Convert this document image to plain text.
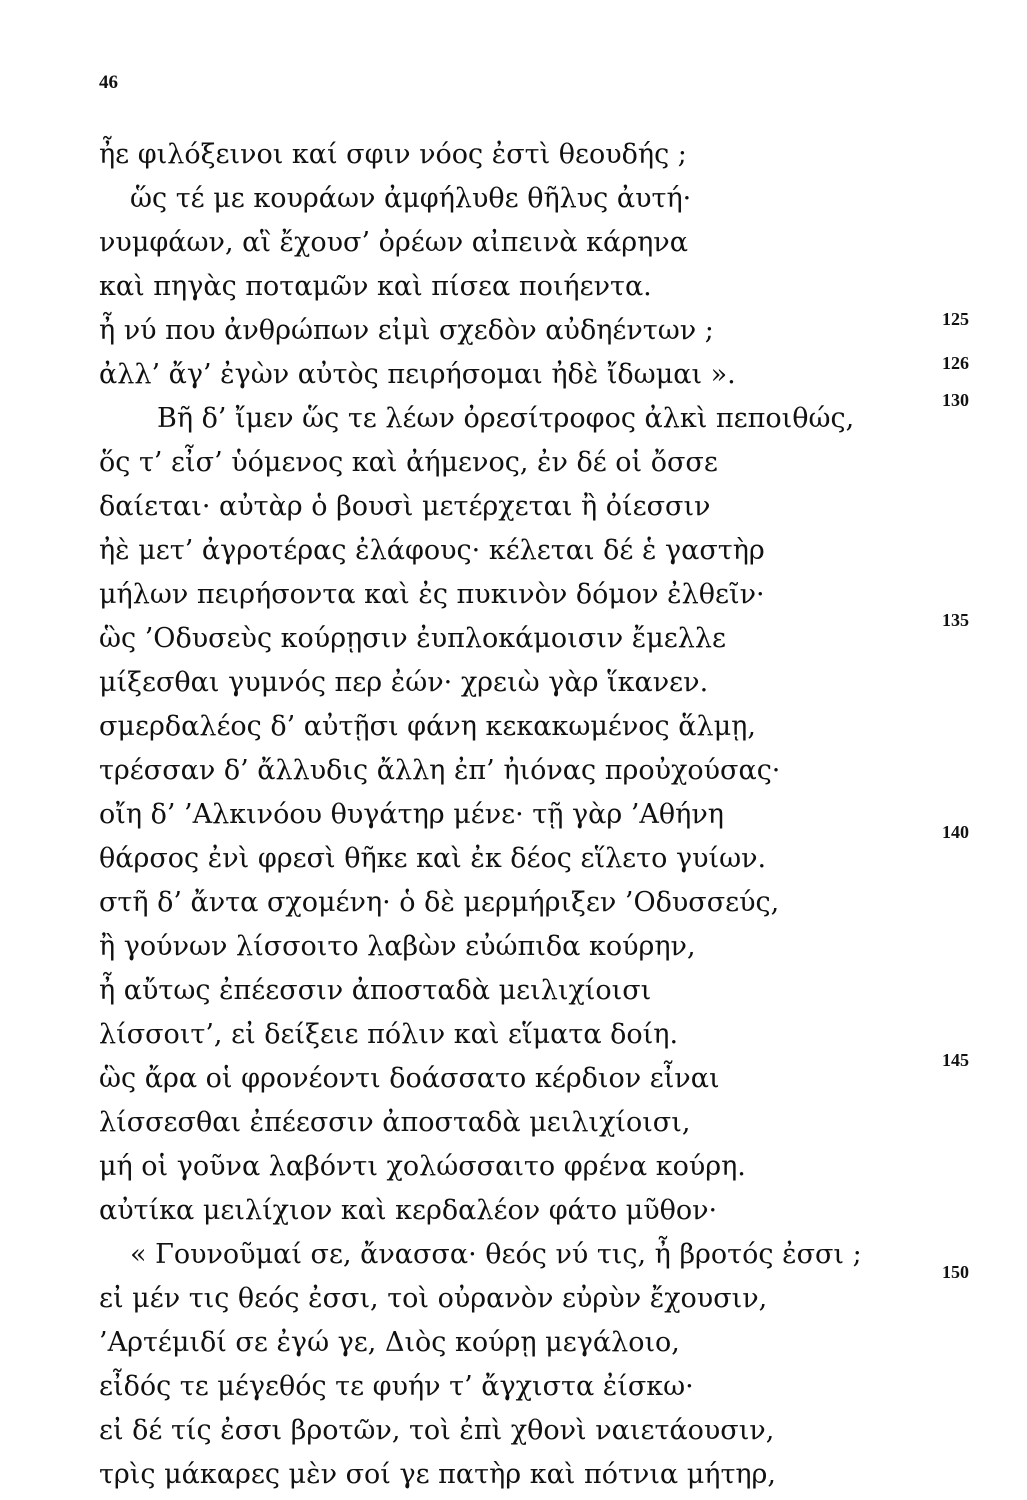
46
ἦε φιλόξεινοι καί σφιν νόος ἐστὶ θεουδής ;
ὥς τέ με κουράων ἀμφήλυθε θῆλυς ἀυτή·
νυμφάων, αἳ ἔχουσ’ ὀρέων αἰπεινὰ κάρηνα
καὶ πηγὰς ποταμῶν καὶ πίσεα ποιήεντα.
ἦ νύ που ἀνθρώπων εἰμὶ σχεδὸν αὐδηέντων ;	125
ἀλλ’ ἄγ’ ἐγὼν αὐτὸς πειρήσομαι ἠδὲ ἴδωμαι ».	126
Βῆ δ’ ἴμεν ὥς τε λέων ὀρεσίτροφος ἀλκὶ πεποιθώς,
130
ὅς τ’ εἶσ’ ὑόμενος καὶ ἀήμενος, ἐν δέ οἱ ὄσσε
δαίεται· αὐτὰρ ὁ βουσὶ μετέρχεται ἢ ὀίεσσιν
ἠὲ μετ’ ἀγροτέρας ἐλάφους· κέλεται δέ ἑ γαστὴρ
μήλων πειρήσοντα καὶ ἐς πυκινὸν δόμον ἐλθεῖν·
ὣς ’Οδυσεὺς κούρῃσιν ἐυπλοκάμοισιν ἔμελλε
135
μίξεσθαι γυμνός περ ἐών· χρειὼ γὰρ ἵκανεν.
σμερδαλέος δ’ αὐτῇσι φάνη κεκακωμένος ἅλμῃ,
τρέσσαν δ’ ἄλλυδις ἄλλη ἐπ’ ἠιόνας προὐχούσας·
οἴη δ’ ’Αλκινόου θυγάτηρ μένε· τῇ γὰρ ’Αθήνη
θάρσος ἐνὶ φρεσὶ θῆκε καὶ ἐκ δέος εἵλετο γυίων.
140
στῆ δ’ ἄντα σχομένη· ὁ δὲ μερμήριξεν ’Οδυσσεύς,
ἢ γούνων λίσσοιτο λαβὼν εὐώπιδα κούρην,
ἦ αὔτως ἐπέεσσιν ἀποσταδὰ μειλιχίοισι
λίσσοιτ’, εἰ δείξειε πόλιν καὶ εἵματα δοίη.
ὣς ἄρα οἱ φρονέοντι δοάσσατο κέρδιον εἶναι
145
λίσσεσθαι ἐπέεσσιν ἀποσταδὰ μειλιχίοισι,
μή οἱ γοῦνα λαβόντι χολώσσαιτο φρένα κούρη.
αὐτίκα μειλίχιον καὶ κερδαλέον φάτο μῦθον·
« Γουνοῦμαί σε, ἄνασσα· θεός νύ τις, ἦ βροτός ἐσσι ;
εἰ μέν τις θεός ἐσσι, τοὶ οὐρανὸν εὐρὺν ἔχουσιν,
150
’Αρτέμιδί σε ἐγώ γε, Διὸς κούρῃ μεγάλοιο,
εἶδός τε μέγεθός τε φυήν τ’ ἄγχιστα ἐίσκω·
εἰ δέ τίς ἐσσι βροτῶν, τοὶ ἐπὶ χθονὶ ναιετάουσιν,
τρὶς μάκαρες μὲν σοί γε πατὴρ καὶ πότνια μήτηρ,
